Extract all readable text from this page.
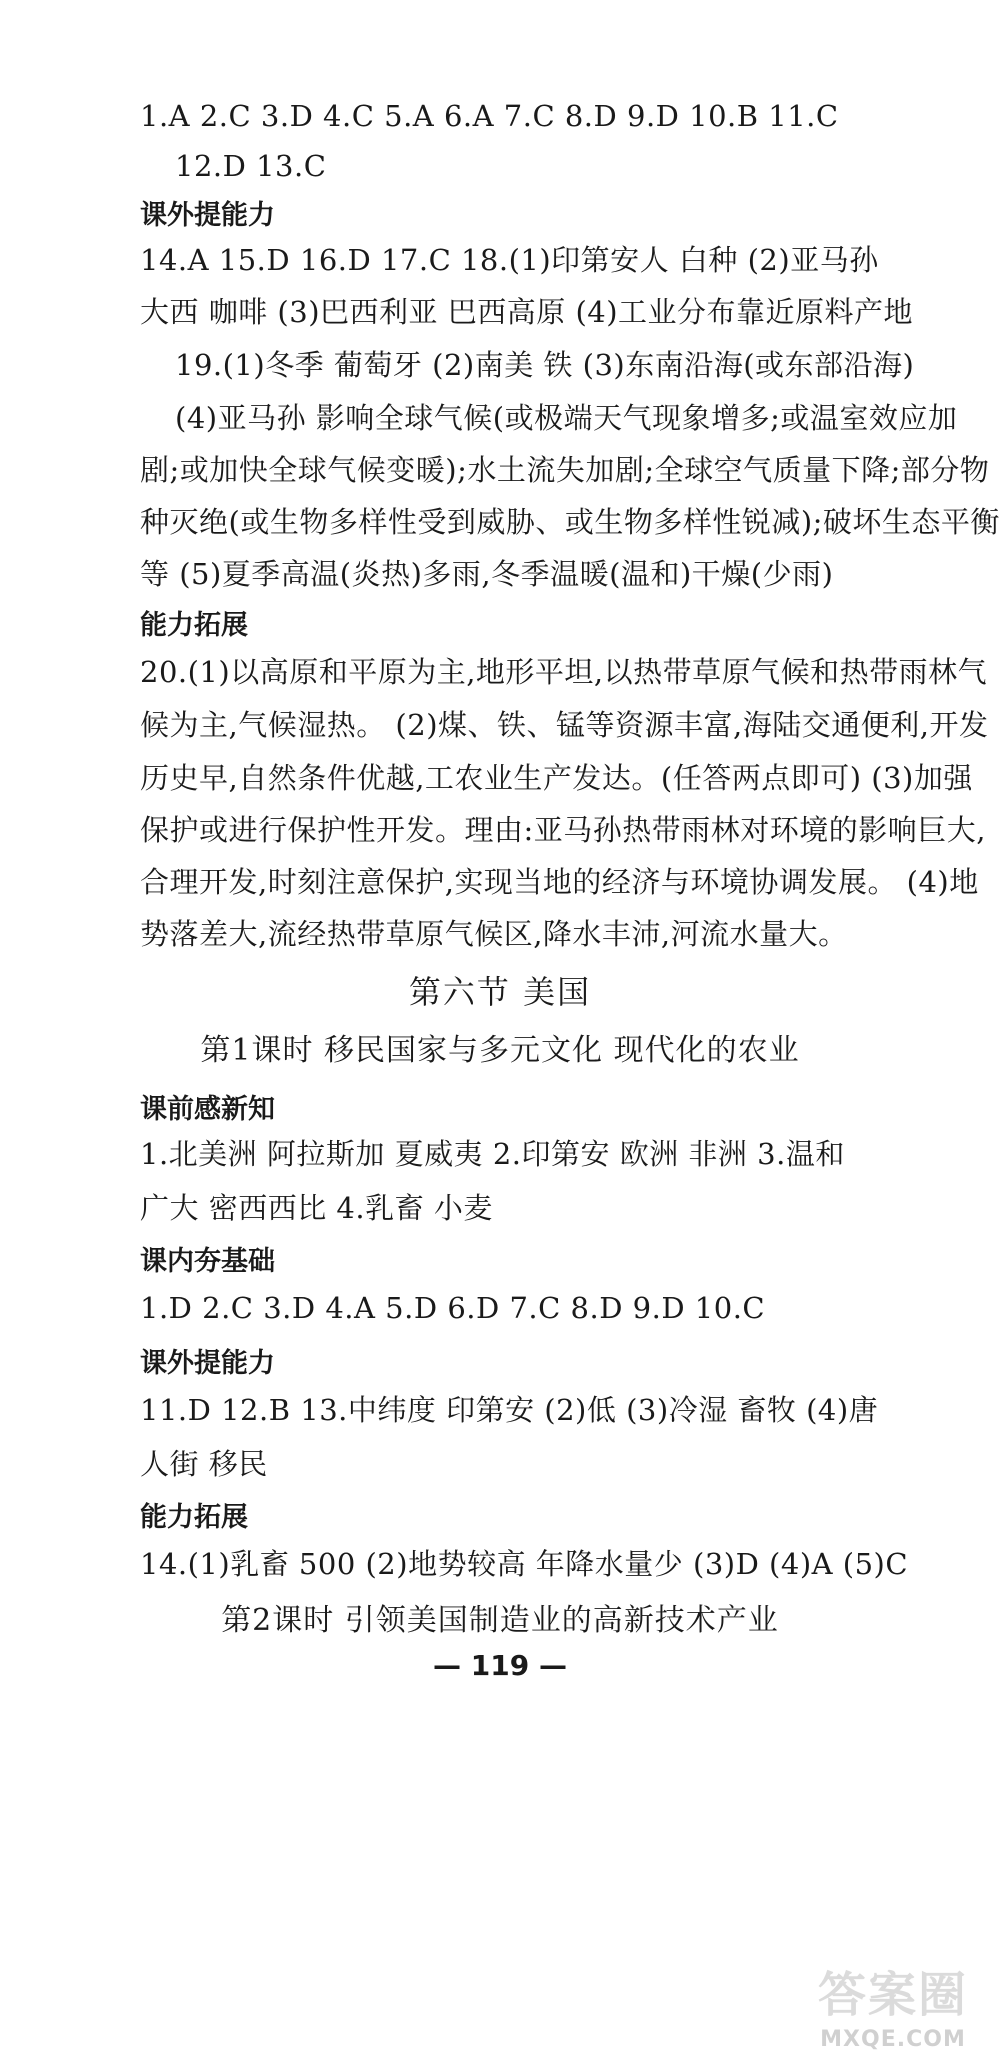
1.A 2.C 3.D 4.C 5.A 6.A 7.C 8.D 9.D 10.B 11.C
12.D 13.C
课外提能力
14.A 15.D 16.D 17.C 18.(1)印第安人 白种 (2)亚马孙
大西 咖啡 (3)巴西利亚 巴西高原 (4)工业分布靠近原料产地
19.(1)冬季 葡萄牙 (2)南美 铁 (3)东南沿海(或东部沿海)
(4)亚马孙 影响全球气候(或极端天气现象增多;或温室效应加
剧;或加快全球气候变暖);水土流失加剧;全球空气质量下降;部分物
种灭绝(或生物多样性受到威胁、或生物多样性锐减);破坏生态平衡
等 (5)夏季高温(炎热)多雨,冬季温暖(温和)干燥(少雨)
能力拓展
20.(1)以高原和平原为主,地形平坦,以热带草原气候和热带雨林气
候为主,气候湿热。 (2)煤、铁、锰等资源丰富,海陆交通便利,开发
历史早,自然条件优越,工农业生产发达。(任答两点即可) (3)加强
保护或进行保护性开发。理由:亚马孙热带雨林对环境的影响巨大,
合理开发,时刻注意保护,实现当地的经济与环境协调发展。 (4)地
势落差大,流经热带草原气候区,降水丰沛,河流水量大。
第六节 美国
第1课时 移民国家与多元文化 现代化的农业
课前感新知
1.北美洲 阿拉斯加 夏威夷 2.印第安 欧洲 非洲 3.温和
广大 密西西比 4.乳畜 小麦
课内夯基础
1.D 2.C 3.D 4.A 5.D 6.D 7.C 8.D 9.D 10.C
课外提能力
11.D 12.B 13.中纬度 印第安 (2)低 (3)冷湿 畜牧 (4)唐
人街 移民
能力拓展
14.(1)乳畜 500 (2)地势较高 年降水量少 (3)D (4)A (5)C
第2课时 引领美国制造业的高新技术产业
— 119 —
答案圈
MXQE.COM
